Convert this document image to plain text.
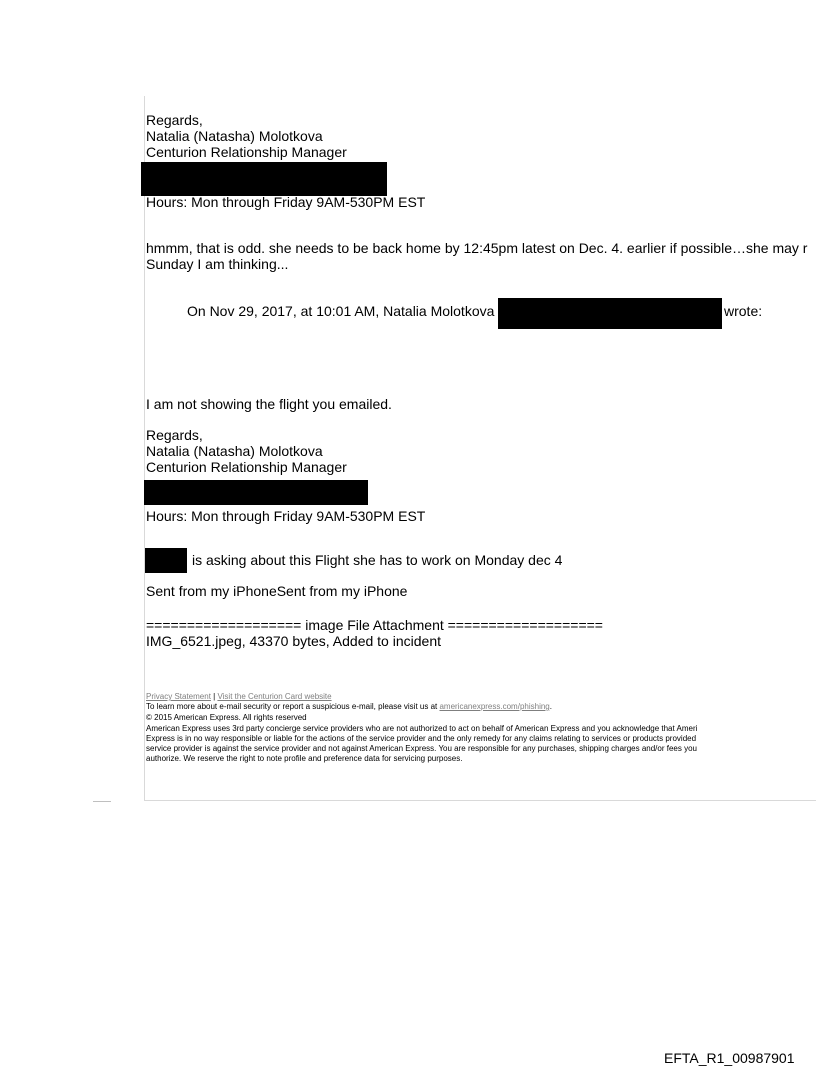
Regards,
Natalia (Natasha) Molotkova
Centurion Relationship Manager
Hours: Mon through Friday 9AM-530PM EST
hmmm, that is odd. she needs to be back home by 12:45pm latest on Dec. 4. earlier if possible…she may r
Sunday I am thinking...
On Nov 29, 2017, at 10:01 AM, Natalia Molotkova	wrote:
I am not showing the flight you emailed.
Regards,
Natalia (Natasha) Molotkova
Centurion Relationship Manager
Hours: Mon through Friday 9AM-530PM EST
is asking about this Flight she has to work on Monday dec 4
Sent from my iPhoneSent from my iPhone
=================== image File Attachment ===================
IMG_6521.jpeg, 43370 bytes, Added to incident
Privacy Statement | Visit the Centurion Card website
To learn more about e-mail security or report a suspicious e-mail, please visit us at americanexpress.com/phishing.
© 2015 American Express. All rights reserved
American Express uses 3rd party concierge service providers who are not authorized to act on behalf of American Express and you acknowledge that Ameri
Express is in no way responsible or liable for the actions of the service provider and the only remedy for any claims relating to services or products provided
service provider is against the service provider and not against American Express. You are responsible for any purchases, shipping charges and/or fees you
authorize. We reserve the right to note profile and preference data for servicing purposes.
EFTA_R1_00987901
